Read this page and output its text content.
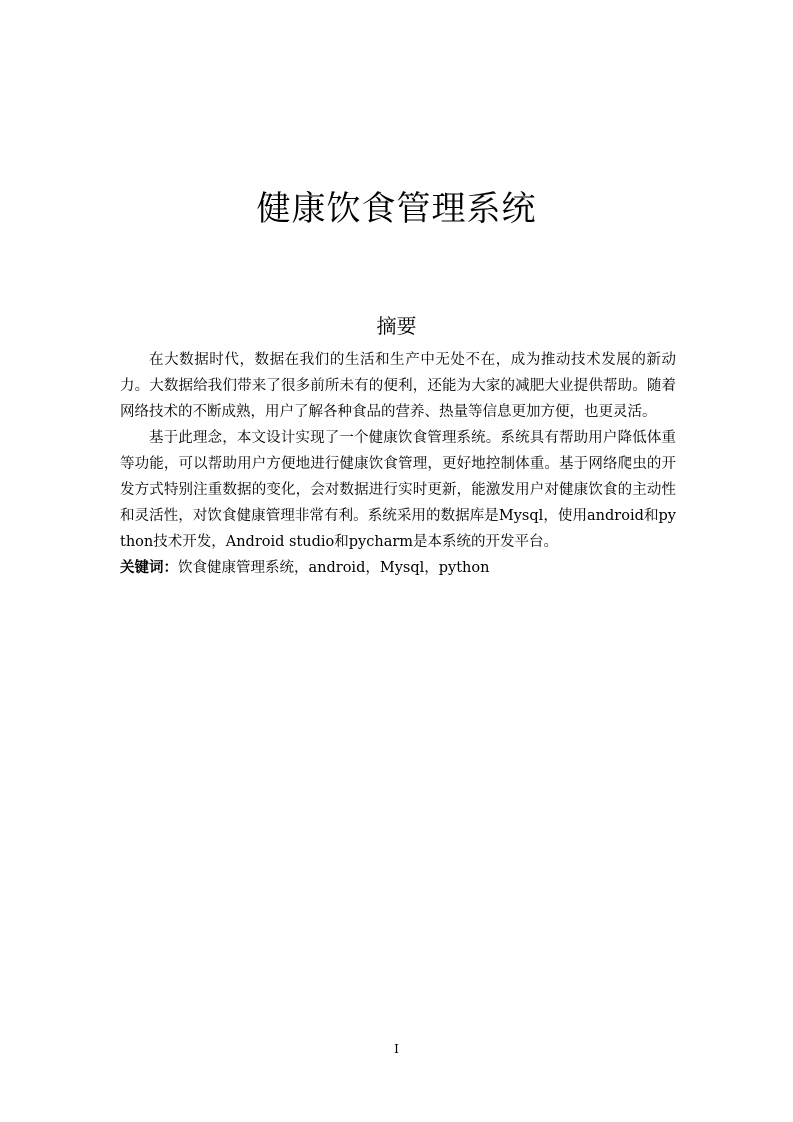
健康饮食管理系统
摘要

在大数据时代，数据在我们的生活和生产中无处不在，成为推动技术发展的新动力。大数据给我们带来了很多前所未有的便利，还能为大家的减肥大业提供帮助。随着网络技术的不断成熟，用户了解各种食品的营养、热量等信息更加方便，也更灵活。

基于此理念，本文设计实现了一个健康饮食管理系统。系统具有帮助用户降低体重等功能，可以帮助用户方便地进行健康饮食管理，更好地控制体重。基于网络爬虫的开发方式特别注重数据的变化，会对数据进行实时更新，能激发用户对健康饮食的主动性和灵活性，对饮食健康管理非常有利。系统采用的数据库是Mysql，使用android和python技术开发，Android studio和pycharm是本系统的开发平台。

关键词：饮食健康管理系统，android，Mysql，python

I
